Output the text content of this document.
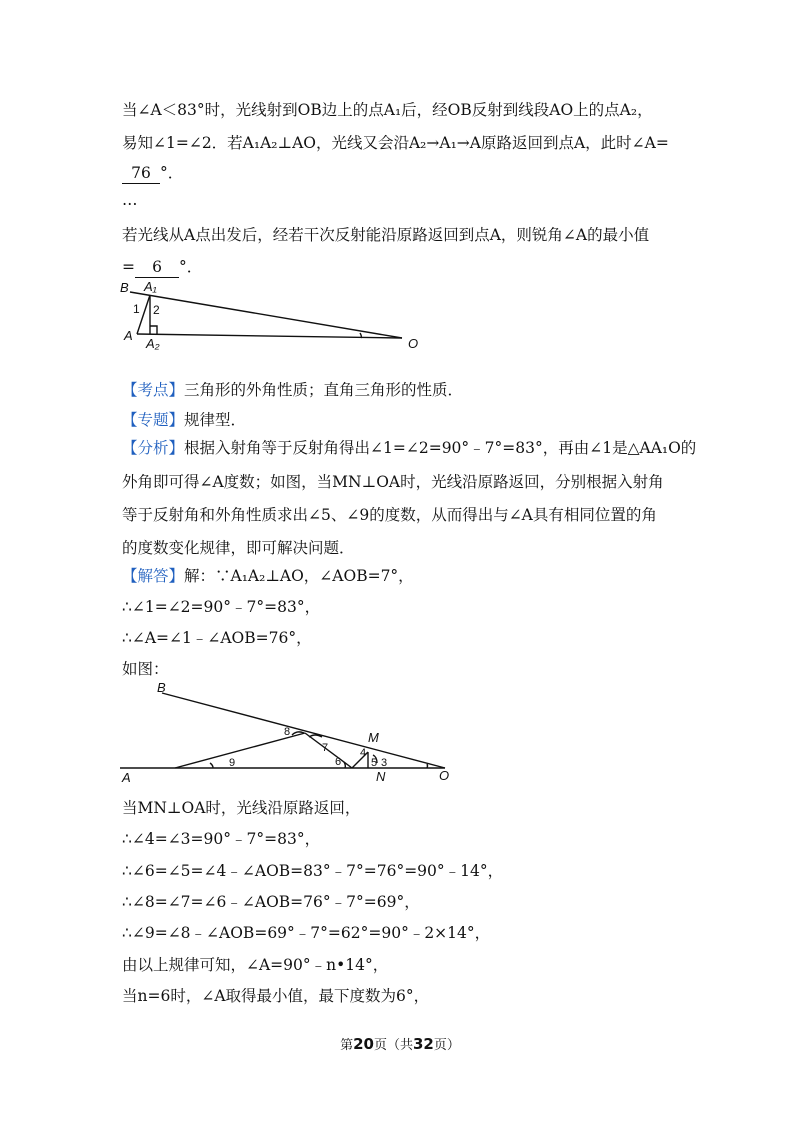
当∠A＜83°时，光线射到OB边上的点A₁后，经OB反射到线段AO上的点A₂，
易知∠1=∠2．若A₁A₂⊥AO，光线又会沿A₂→A₁→A原路返回到点A，此时∠A=
76 °．
…
若光线从A点出发后，经若干次反射能沿原路返回到点A，则锐角∠A的最小值
= 6 °．
B A₁
1 2
A
A₂	O
【考点】三角形的外角性质；直角三角形的性质．
【专题】规律型．
【分析】根据入射角等于反射角得出∠1=∠2=90°﹣7°=83°，再由∠1是△AA₁O的
外角即可得∠A度数；如图，当MN⊥OA时，光线沿原路返回，分别根据入射角
等于反射角和外角性质求出∠5、∠9的度数，从而得出与∠A具有相同位置的角
的度数变化规律，即可解决问题．
【解答】解：∵A₁A₂⊥AO，∠AOB=7°，
∴∠1=∠2=90°﹣7°=83°，
∴∠A=∠1﹣∠AOB=76°，
如图：
B
A	O
M
N
8
7
6
4
5 3
9
当MN⊥OA时，光线沿原路返回，
∴∠4=∠3=90°﹣7°=83°，
∴∠6=∠5=∠4﹣∠AOB=83°﹣7°=76°=90°﹣14°，
∴∠8=∠7=∠6﹣∠AOB=76°﹣7°=69°，
∴∠9=∠8﹣∠AOB=69°﹣7°=62°=90°﹣2×14°，
由以上规律可知，∠A=90°﹣n•14°，
当n=6时，∠A取得最小值，最下度数为6°，
第20页（共32页）
